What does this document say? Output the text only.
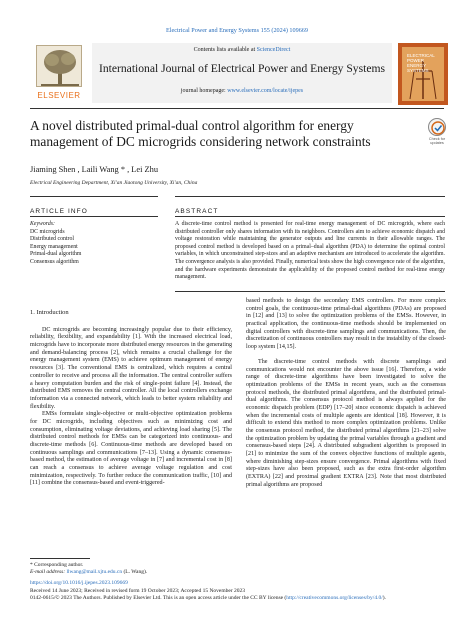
Electrical Power and Energy Systems 155 (2024) 109669
ELSEVIER
Contents lists available at ScienceDirect
International Journal of Electrical Power and Energy Systems
journal homepage: www.elsevier.com/locate/ijepes
ELECTRICAL POWER ENERGY SYSTEMS
A novel distributed primal-dual control algorithm for energy management of DC microgrids considering network constraints	Check for updates
Jiaming Shen , Laili Wang * , Lei Zhu
Electrical Engineering Department, Xi'an Jiaotong University, Xi'an, China
ARTICLE INFO	ABSTRACT
Keywords:
DC microgrids
Distributed control
Energy management
Primal-dual algorithm
Consensus algorithm
A discrete-time control method is presented for real-time energy management of DC microgrids, where each distributed controller only shares information with its neighbors. Controllers aim to achieve economic dispatch and voltage restoration while maintaining the generator outputs and line currents in their allowable ranges. The proposed control method is developed based on a primal–dual algorithm (PDA) to determine the optimal control variables, in which unconstrained step-sizes and an adaptive mechanism are introduced to accelerate the algorithm. The convergence analysis is also provided. Finally, numerical tests show the high convergence rate of the algorithm, and the hardware experiments demonstrate the applicability of the proposed control method for real-time energy management.
1. Introduction

DC microgrids are becoming increasingly popular due to their efficiency, reliability, flexibility, and expandability [1]. With the increased electrical load, microgrids have to incorporate more distributed energy resources in the generating and demand-balancing process [2], which remains a crucial challenge for the energy management system (EMS) to achieve optimum management of energy resources [3]. The conventional EMS is centralized, which requires a central controller to receive and process all the information. The central controller suffers a heavy computation burden and the risk of single-point failure [4]. Instead, the distributed EMS removes the central controller. All the local controllers exchange information via a connected network, which leads to better system reliability and flexibility.

EMSs formulate single-objective or multi-objective optimization problems for DC microgrids, including objectives such as minimizing cost and consumption, eliminating voltage deviations, and achieving load sharing [5]. The distributed control methods for EMSs can be categorized into continuous- and discrete-time methods [6]. Continuous-time methods are developed based on continuous samplings and communications [7–13]. Using a dynamic consensus-based method, the estimation of average voltage in [7] and incremental cost in [8] can reach a consensus to achieve average voltage regulation and cost minimization, respectively. To further reduce the communication traffic, [10] and [11] combine the consensus-based and event-triggered-

based methods to design the secondary EMS controllers. For more complex control goals, the continuous-time primal-dual algorithms (PDAs) are proposed in [12] and [13] to solve the optimization problems of the EMSs. However, in practical application, the continuous-time methods should be implemented on digital controllers with discrete-time samplings and communications. Then, the discretization of continuous controllers may result in the instability of the closed-loop system [14,15].

The discrete-time control methods with discrete samplings and communications would not encounter the above issue [16]. Therefore, a wide range of discrete-time algorithms have been investigated to solve the optimization problems of the EMSs in recent years, such as the consensus protocol methods, the distributed primal algorithms, and the distributed primal-dual algorithms. The consensus protocol method is always applied for the economic dispatch problem (EDP) [17–20] since economic dispatch is achieved when the incremental costs of multiple agents are identical [18]. However, it is difficult to extend this method to more complex optimization problems. Unlike the consensus protocol method, the distributed primal algorithms [21–23] solve the optimization problem by updating the primal variables through a gradient and consensus-based steps [24]. A distributed subgradient algorithm is proposed in [21] to minimize the sum of the convex objective functions of multiple agents, where diminishing step-sizes ensure convergence. Primal algorithms with fixed step-sizes have also been proposed, such as the extra first-order algorithm (EXTRA) [22] and proximal gradient EXTRA [23]. Note that most distributed primal algorithms are proposed

* Corresponding author.
E-mail address: llwang@mail.xjtu.edu.cn (L. Wang).
https://doi.org/10.1016/j.ijepes.2023.109669
Received 14 June 2023; Received in revised form 19 October 2023; Accepted 15 November 2023
0142-0615/© 2023 The Authors. Published by Elsevier Ltd. This is an open access article under the CC BY license (http://creativecommons.org/licenses/by/4.0/).
